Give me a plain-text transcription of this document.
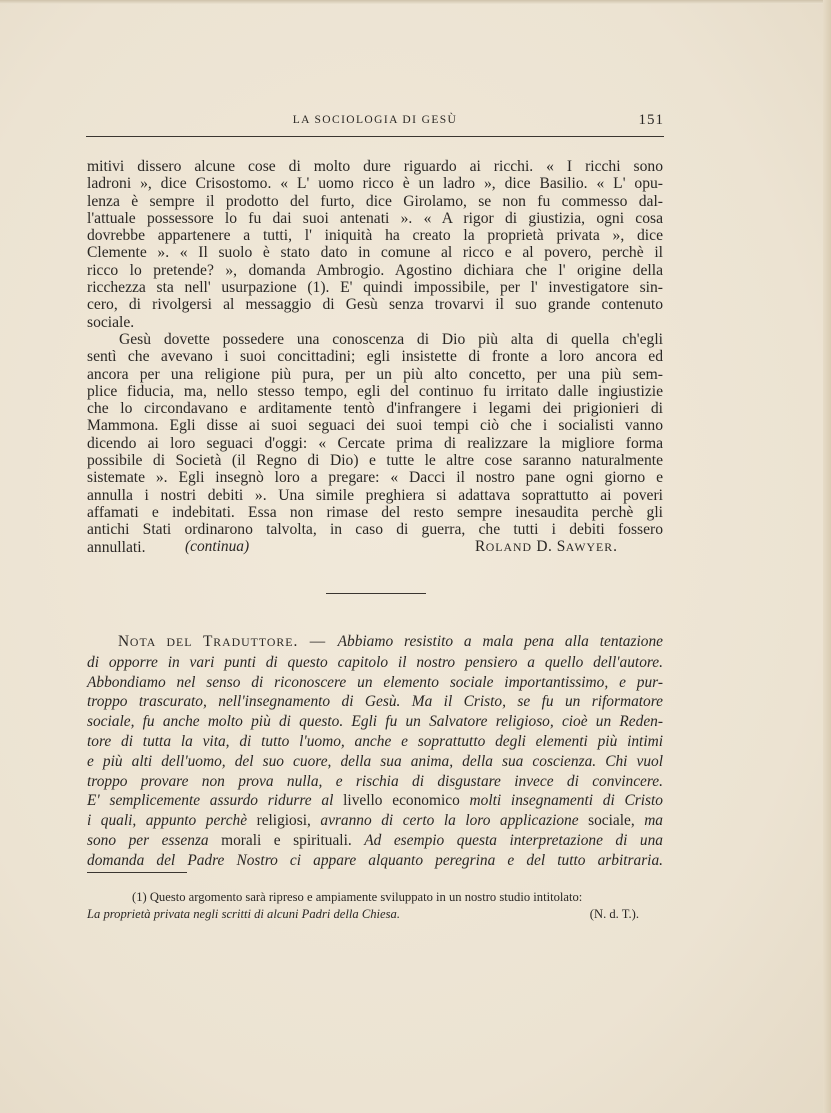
LA SOCIOLOGIA DI GESÙ	151
mitivi dissero alcune cose di molto dure riguardo ai ricchi. « I ricchi sono
ladroni », dice Crisostomo. « L' uomo ricco è un ladro », dice Basilio. « L' opu-
lenza è sempre il prodotto del furto, dice Girolamo, se non fu commesso dal-
l'attuale possessore lo fu dai suoi antenati ». « A rigor di giustizia, ogni cosa
dovrebbe appartenere a tutti, l' iniquità ha creato la proprietà privata », dice
Clemente ». « Il suolo è stato dato in comune al ricco e al povero, perchè il
ricco lo pretende? », domanda Ambrogio. Agostino dichiara che l' origine della
ricchezza sta nell' usurpazione (1). E' quindi impossibile, per l' investigatore sin-
cero, di rivolgersi al messaggio di Gesù senza trovarvi il suo grande contenuto
sociale.
Gesù dovette possedere una conoscenza di Dio più alta di quella ch'egli
sentì che avevano i suoi concittadini; egli insistette di fronte a loro ancora ed
ancora per una religione più pura, per un più alto concetto, per una più sem-
plice fiducia, ma, nello stesso tempo, egli del continuo fu irritato dalle ingiustizie
che lo circondavano e arditamente tentò d'infrangere i legami dei prigionieri di
Mammona. Egli disse ai suoi seguaci dei suoi tempi ciò che i socialisti vanno
dicendo ai loro seguaci d'oggi: « Cercate prima di realizzare la migliore forma
possibile di Società (il Regno di Dio) e tutte le altre cose saranno naturalmente
sistemate ». Egli insegnò loro a pregare: « Dacci il nostro pane ogni giorno e
annulla i nostri debiti ». Una simile preghiera si adattava soprattutto ai poveri
affamati e indebitati. Essa non rimase del resto sempre inesaudita perchè gli
antichi Stati ordinarono talvolta, in caso di guerra, che tutti i debiti fossero
annullati.	(continua)	ROLAND D. SAWYER.
NOTA DEL TRADUTTORE. — Abbiamo resistito a mala pena alla tentazione
di opporre in vari punti di questo capitolo il nostro pensiero a quello dell'autore.
Abbondiamo nel senso di riconoscere un elemento sociale importantissimo, e pur-
troppo trascurato, nell'insegnamento di Gesù. Ma il Cristo, se fu un riformatore
sociale, fu anche molto più di questo. Egli fu un Salvatore religioso, cioè un Reden-
tore di tutta la vita, di tutto l'uomo, anche e soprattutto degli elementi più intimi
e più alti dell'uomo, del suo cuore, della sua anima, della sua coscienza. Chi vuol
troppo provare non prova nulla, e rischia di disgustare invece di convincere.
E' semplicemente assurdo ridurre al livello economico molti insegnamenti di Cristo
i quali, appunto perchè religiosi, avranno di certo la loro applicazione sociale, ma
sono per essenza morali e spirituali. Ad esempio questa interpretazione di una
domanda del Padre Nostro ci appare alquanto peregrina e del tutto arbitraria.
(1) Questo argomento sarà ripreso e ampiamente sviluppato in un nostro studio intitolato:
La proprietà privata negli scritti di alcuni Padri della Chiesa.	(N. d. T.).
